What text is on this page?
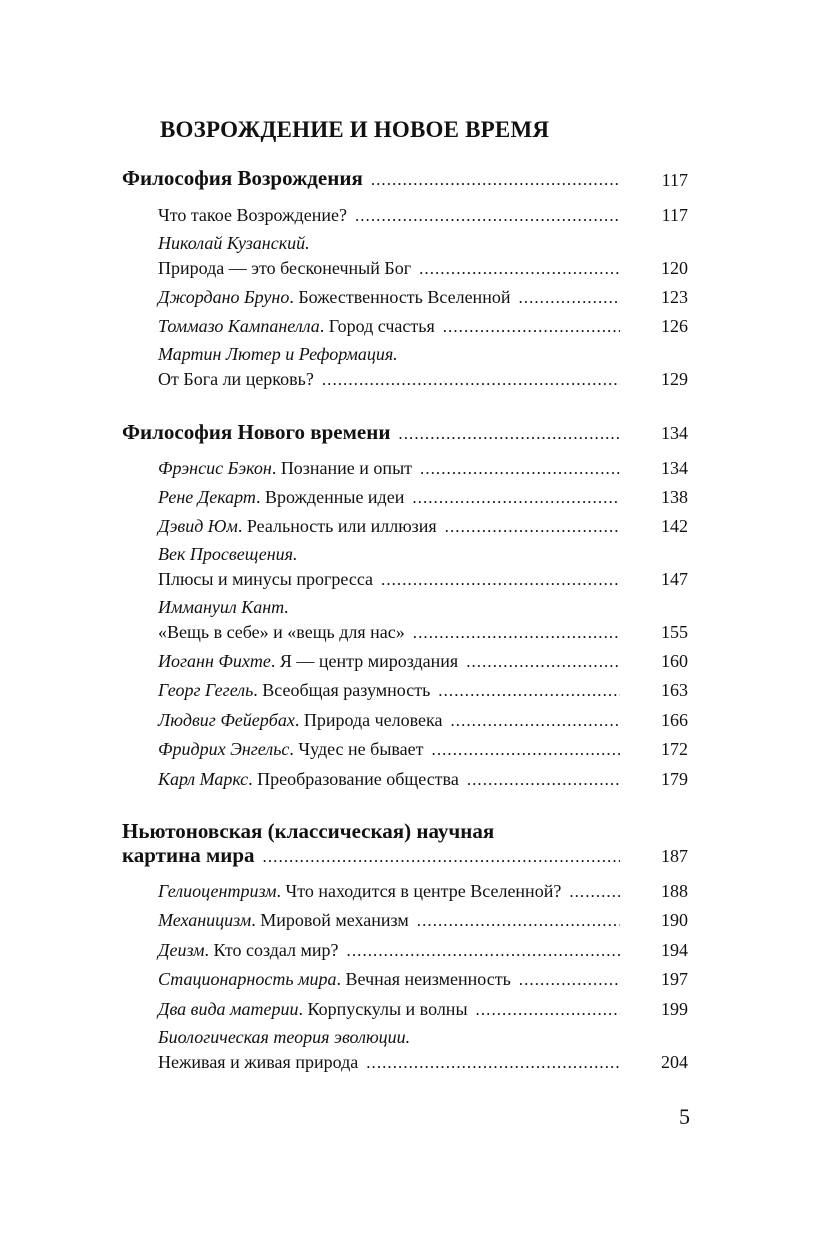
ВОЗРОЖДЕНИЕ И НОВОЕ ВРЕМЯ
Философия Возрождения . . .	117
Что такое Возрождение? . . .	117
Николай Кузанский.
Природа — это бесконечный Бог . . .	120
Джордано Бруно. Божественность Вселенной . . .	123
Томмазо Кампанелла. Город счастья . . .	126
Мартин Лютер и Реформация.
От Бога ли церковь? . . .	129
Философия Нового времени . . .	134
Фрэнсис Бэкон. Познание и опыт . . .	134
Рене Декарт. Врожденные идеи . . .	138
Дэвид Юм. Реальность или иллюзия . . .	142
Век Просвещения.
Плюсы и минусы прогресса . . .	147
Иммануил Кант.
«Вещь в себе» и «вещь для нас» . . .	155
Иоганн Фихте. Я — центр мироздания . . .	160
Георг Гегель. Всеобщая разумность . . .	163
Людвиг Фейербах. Природа человека . . .	166
Фридрих Энгельс. Чудес не бывает . . .	172
Карл Маркс. Преобразование общества . . .	179
Ньютоновская (классическая) научная
картина мира . . .	187
Гелиоцентризм. Что находится в центре Вселенной? . . .	188
Механицизм. Мировой механизм . . .	190
Деизм. Кто создал мир? . . .	194
Стационарность мира. Вечная неизменность . . .	197
Два вида материи. Корпускулы и волны . . .	199
Биологическая теория эволюции.
Неживая и живая природа . . .	204
5
